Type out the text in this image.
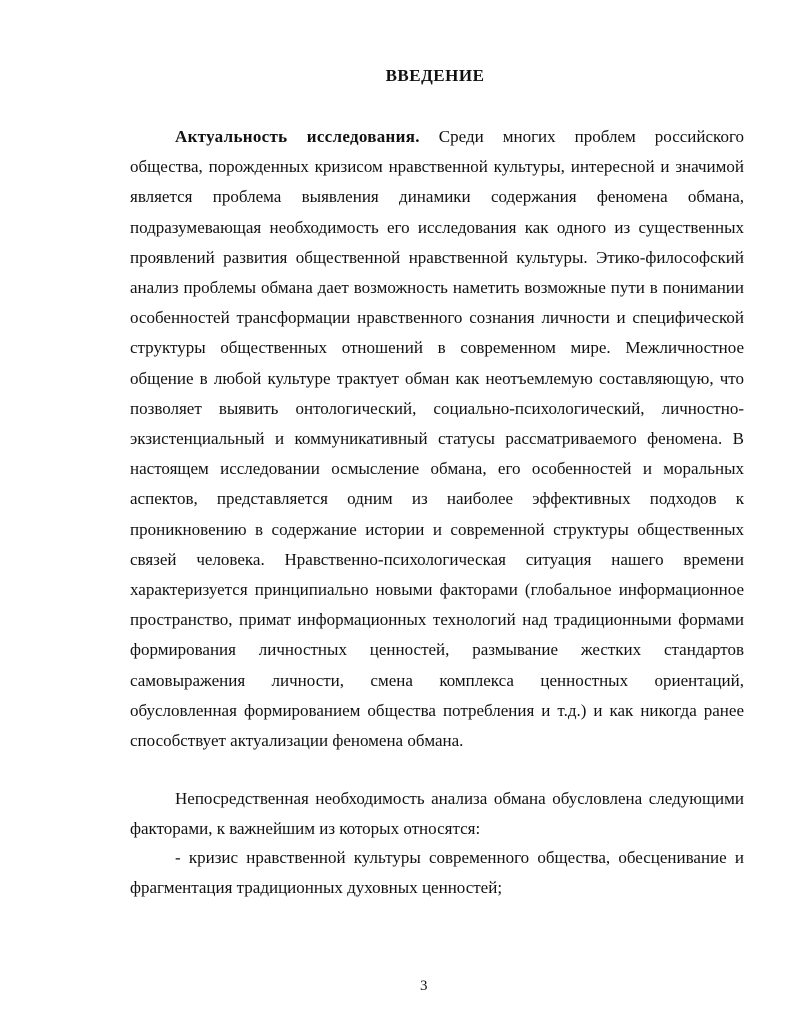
ВВЕДЕНИЕ

Актуальность исследования. Среди многих проблем российского общества, порожденных кризисом нравственной культуры, интересной и значимой является проблема выявления динамики содержания феномена обмана, подразумевающая необходимость его исследования как одного из существенных проявлений развития общественной нравственной культуры. Этико-философский анализ проблемы обмана дает возможность наметить возможные пути в понимании особенностей трансформации нравственного сознания личности и специфической структуры общественных отношений в современном мире. Межличностное общение в любой культуре трактует обман как неотъемлемую составляющую, что позволяет выявить онтологический, социально-психологический, личностно-экзистенциальный и коммуникативный статусы рассматриваемого феномена. В настоящем исследовании осмысление обмана, его особенностей и моральных аспектов, представляется одним из наиболее эффективных подходов к проникновению в содержание истории и современной структуры общественных связей человека. Нравственно-психологическая ситуация нашего времени характеризуется принципиально новыми факторами (глобальное информационное пространство, примат информационных технологий над традиционными формами формирования личностных ценностей, размывание жестких стандартов самовыражения личности, смена комплекса ценностных ориентаций, обусловленная формированием общества потребления и т.д.) и как никогда ранее способствует актуализации феномена обмана.

Непосредственная необходимость анализа обмана обусловлена следующими факторами, к важнейшим из которых относятся:

- кризис нравственной культуры современного общества, обесценивание и фрагментация традиционных духовных ценностей;

3
